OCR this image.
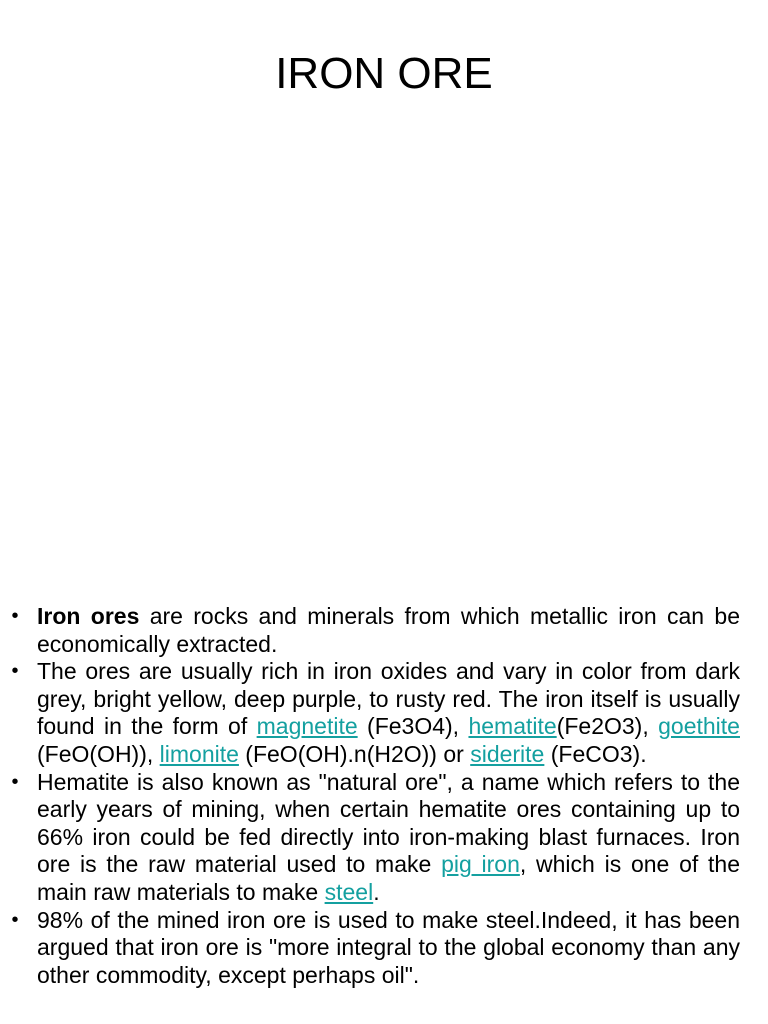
IRON ORE
• Iron ores are rocks and minerals from which metallic iron can be economically extracted.
• The ores are usually rich in iron oxides and vary in color from dark grey, bright yellow, deep purple, to rusty red. The iron itself is usually found in the form of magnetite (Fe3O4), hematite(Fe2O3), goethite (FeO(OH)), limonite (FeO(OH).n(H2O)) or siderite (FeCO3).
• Hematite is also known as "natural ore", a name which refers to the early years of mining, when certain hematite ores containing up to 66% iron could be fed directly into iron-making blast furnaces. Iron ore is the raw material used to make pig iron, which is one of the main raw materials to make steel.
• 98% of the mined iron ore is used to make steel.Indeed, it has been argued that iron ore is "more integral to the global economy than any other commodity, except perhaps oil".
